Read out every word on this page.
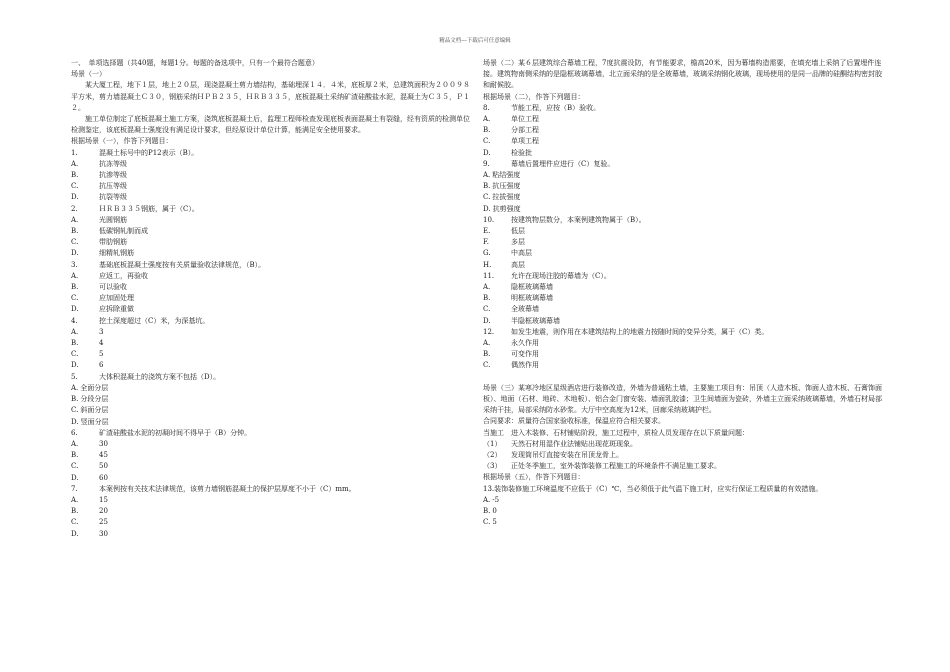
精品文档---下载后可任意编辑

一、　单项选择题（共40题，每题1分。每题的备选项中，只有一个最符合题意）

场景（一）

某大厦工程，地下１层，地上２０层，现浇混凝土剪力墙结构，基础埋深１４．４米，底板厚２米，总建筑面积为２００９８平方米，剪力墙混凝土Ｃ３０，钢筋采纳ＨＰＢ２３５，ＨＲＢ３３５，底板混凝土采纳矿渣硅酸盐水泥，混凝土为Ｃ３５，Ｐ１２。

施工单位制定了底板混凝土施工方案，浇筑底板混凝土后，监理工程师检查发现底板表面混凝土有裂缝，经有资质的检测单位检测鉴定，该底板混凝土强度没有满足设计要求，但经原设计单位计算，能满足安全使用要求。

根据场景（一），作答下列题目：

1.	混凝土标号中的P12表示（B）。
A.	抗冻等级
B.	抗渗等级
C.	抗压等级
D.	抗裂等级
2.	ＨＲＢ３３５钢筋，属于（C）。
A.	光圆钢筋
B.	低碳钢轧制而成
C.	带肋钢筋
D.	细精轧钢筋
3.	基础底板混凝土强度按有关质量验收法律规范，（B）。
A.	应返工，再验收
B.	可以验收
C.	应加固处理
D.	应拆除重做
4.	挖土深度超过（C）米，为深基坑。
A.	3
B.	4
C.	5
D.	6
5.	大体积混凝土的浇筑方案不包括（D）。
A. 全面分层
B. 分段分层
C. 斜面分层
D. 竖面分层
6.	矿渣硅酸盐水泥的初凝时间不得早于（B）分钟。
A.	30
B.	45
C.	50
D.	60
7.	本案例按有关技术法律规范，该剪力墙钢筋混凝土的保护层厚度不小于（C）mm。
A.	15
B.	20
C.	25
D.	30

场景（二）某６层建筑综合幕墙工程，7度抗震设防，有节能要求，檐高20米，因为幕墙构造需要，在填充墙上采纳了后置埋件连接。建筑物南侧采纳的是隐框玻璃幕墙，北立面采纳的是全玻幕墙，玻璃采纳钢化玻璃，现场使用的是同一品牌的硅酮结构密封胶和耐候胶。

根据场景（二），作答下列题目：

8.	节能工程，应按（B）验收。
A.	单位工程
B.	分部工程
C.	单项工程
D.	检验批
9.	幕墙后置埋件应进行（C）复验。
A. 粘结强度
B. 抗压强度
C. 拉拔强度
D. 抗剪强度
10.	按建筑物层数分，本案例建筑物属于（B）。
E.	低层
F.	多层
G.	中高层
H.	高层
11.	允许在现场注胶的幕墙为（C）。
A.	隐框玻璃幕墙
B.	明框玻璃幕墙
C.	全玻幕墙
D.	半隐框玻璃幕墙
12.	如发生地震，则作用在本建筑结构上的地震力按随时间的变异分类，属于（C）类。
A.	永久作用
B.	可变作用
C.	偶然作用

场景（三）某寒冷地区星级酒店进行装修改造，外墙为普通粘土墙，主要施工项目有：吊顶（人造木板、饰面人造木板、石膏饰面板）、地面（石材、地砖、木地板）、铝合金门窗安装、墙面乳胶漆；卫生间墙面为瓷砖，外墙主立面采纳玻璃幕墙，外墙石材局部采纳干挂，局部采纳防水砂浆。大厅中空高度为12米，回廊采纳玻璃护栏。

合同要求：质量符合国家验收标准，保温应符合相关要求。

当施工　进入木装修、石材铺贴阶段，施工过程中，质检人员发现存在以下质量问题：

（1）	天然石材用湿作业法铺贴出现花斑现象。
（2）	发现筒吊灯直接安装在吊顶龙骨上。
（3）	正处冬季施工，室外装饰装修工程施工的环境条件不满足施工要求。

根据场景（五），作答下列题目：

13.装饰装修施工环境温度不应低于（C）℃，当必须低于此气温下施工时，应实行保证工程质量的有效措施。

A. -5
B. 0
C. 5
